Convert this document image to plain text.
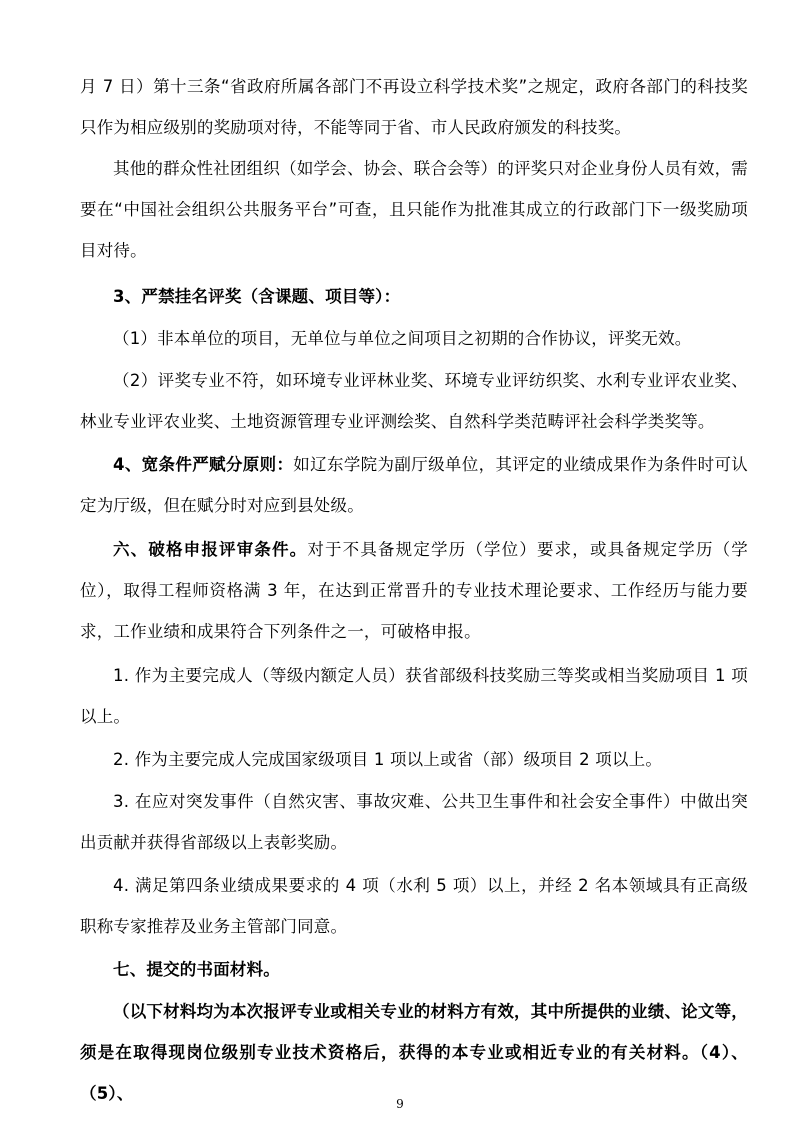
月 7 日）第十三条“省政府所属各部门不再设立科学技术奖”之规定，政府各部门的科技奖只作为相应级别的奖励项对待，不能等同于省、市人民政府颁发的科技奖。

其他的群众性社团组织（如学会、协会、联合会等）的评奖只对企业身份人员有效，需要在“中国社会组织公共服务平台”可查，且只能作为批准其成立的行政部门下一级奖励项目对待。

3、严禁挂名评奖（含课题、项目等）：

（1）非本单位的项目，无单位与单位之间项目之初期的合作协议，评奖无效。

（2）评奖专业不符，如环境专业评林业奖、环境专业评纺织奖、水利专业评农业奖、林业专业评农业奖、土地资源管理专业评测绘奖、自然科学类范畴评社会科学类奖等。

4、宽条件严赋分原则：如辽东学院为副厅级单位，其评定的业绩成果作为条件时可认定为厅级，但在赋分时对应到县处级。

六、破格申报评审条件。对于不具备规定学历（学位）要求，或具备规定学历（学位），取得工程师资格满 3 年，在达到正常晋升的专业技术理论要求、工作经历与能力要求，工作业绩和成果符合下列条件之一，可破格申报。

1. 作为主要完成人（等级内额定人员）获省部级科技奖励三等奖或相当奖励项目 1 项以上。

2. 作为主要完成人完成国家级项目 1 项以上或省（部）级项目 2 项以上。

3. 在应对突发事件（自然灾害、事故灾难、公共卫生事件和社会安全事件）中做出突出贡献并获得省部级以上表彰奖励。

4. 满足第四条业绩成果要求的 4 项（水利 5 项）以上，并经 2 名本领域具有正高级职称专家推荐及业务主管部门同意。

七、提交的书面材料。

（以下材料均为本次报评专业或相关专业的材料方有效，其中所提供的业绩、论文等，须是在取得现岗位级别专业技术资格后，获得的本专业或相近专业的有关材料。（4）、（5）、

9
